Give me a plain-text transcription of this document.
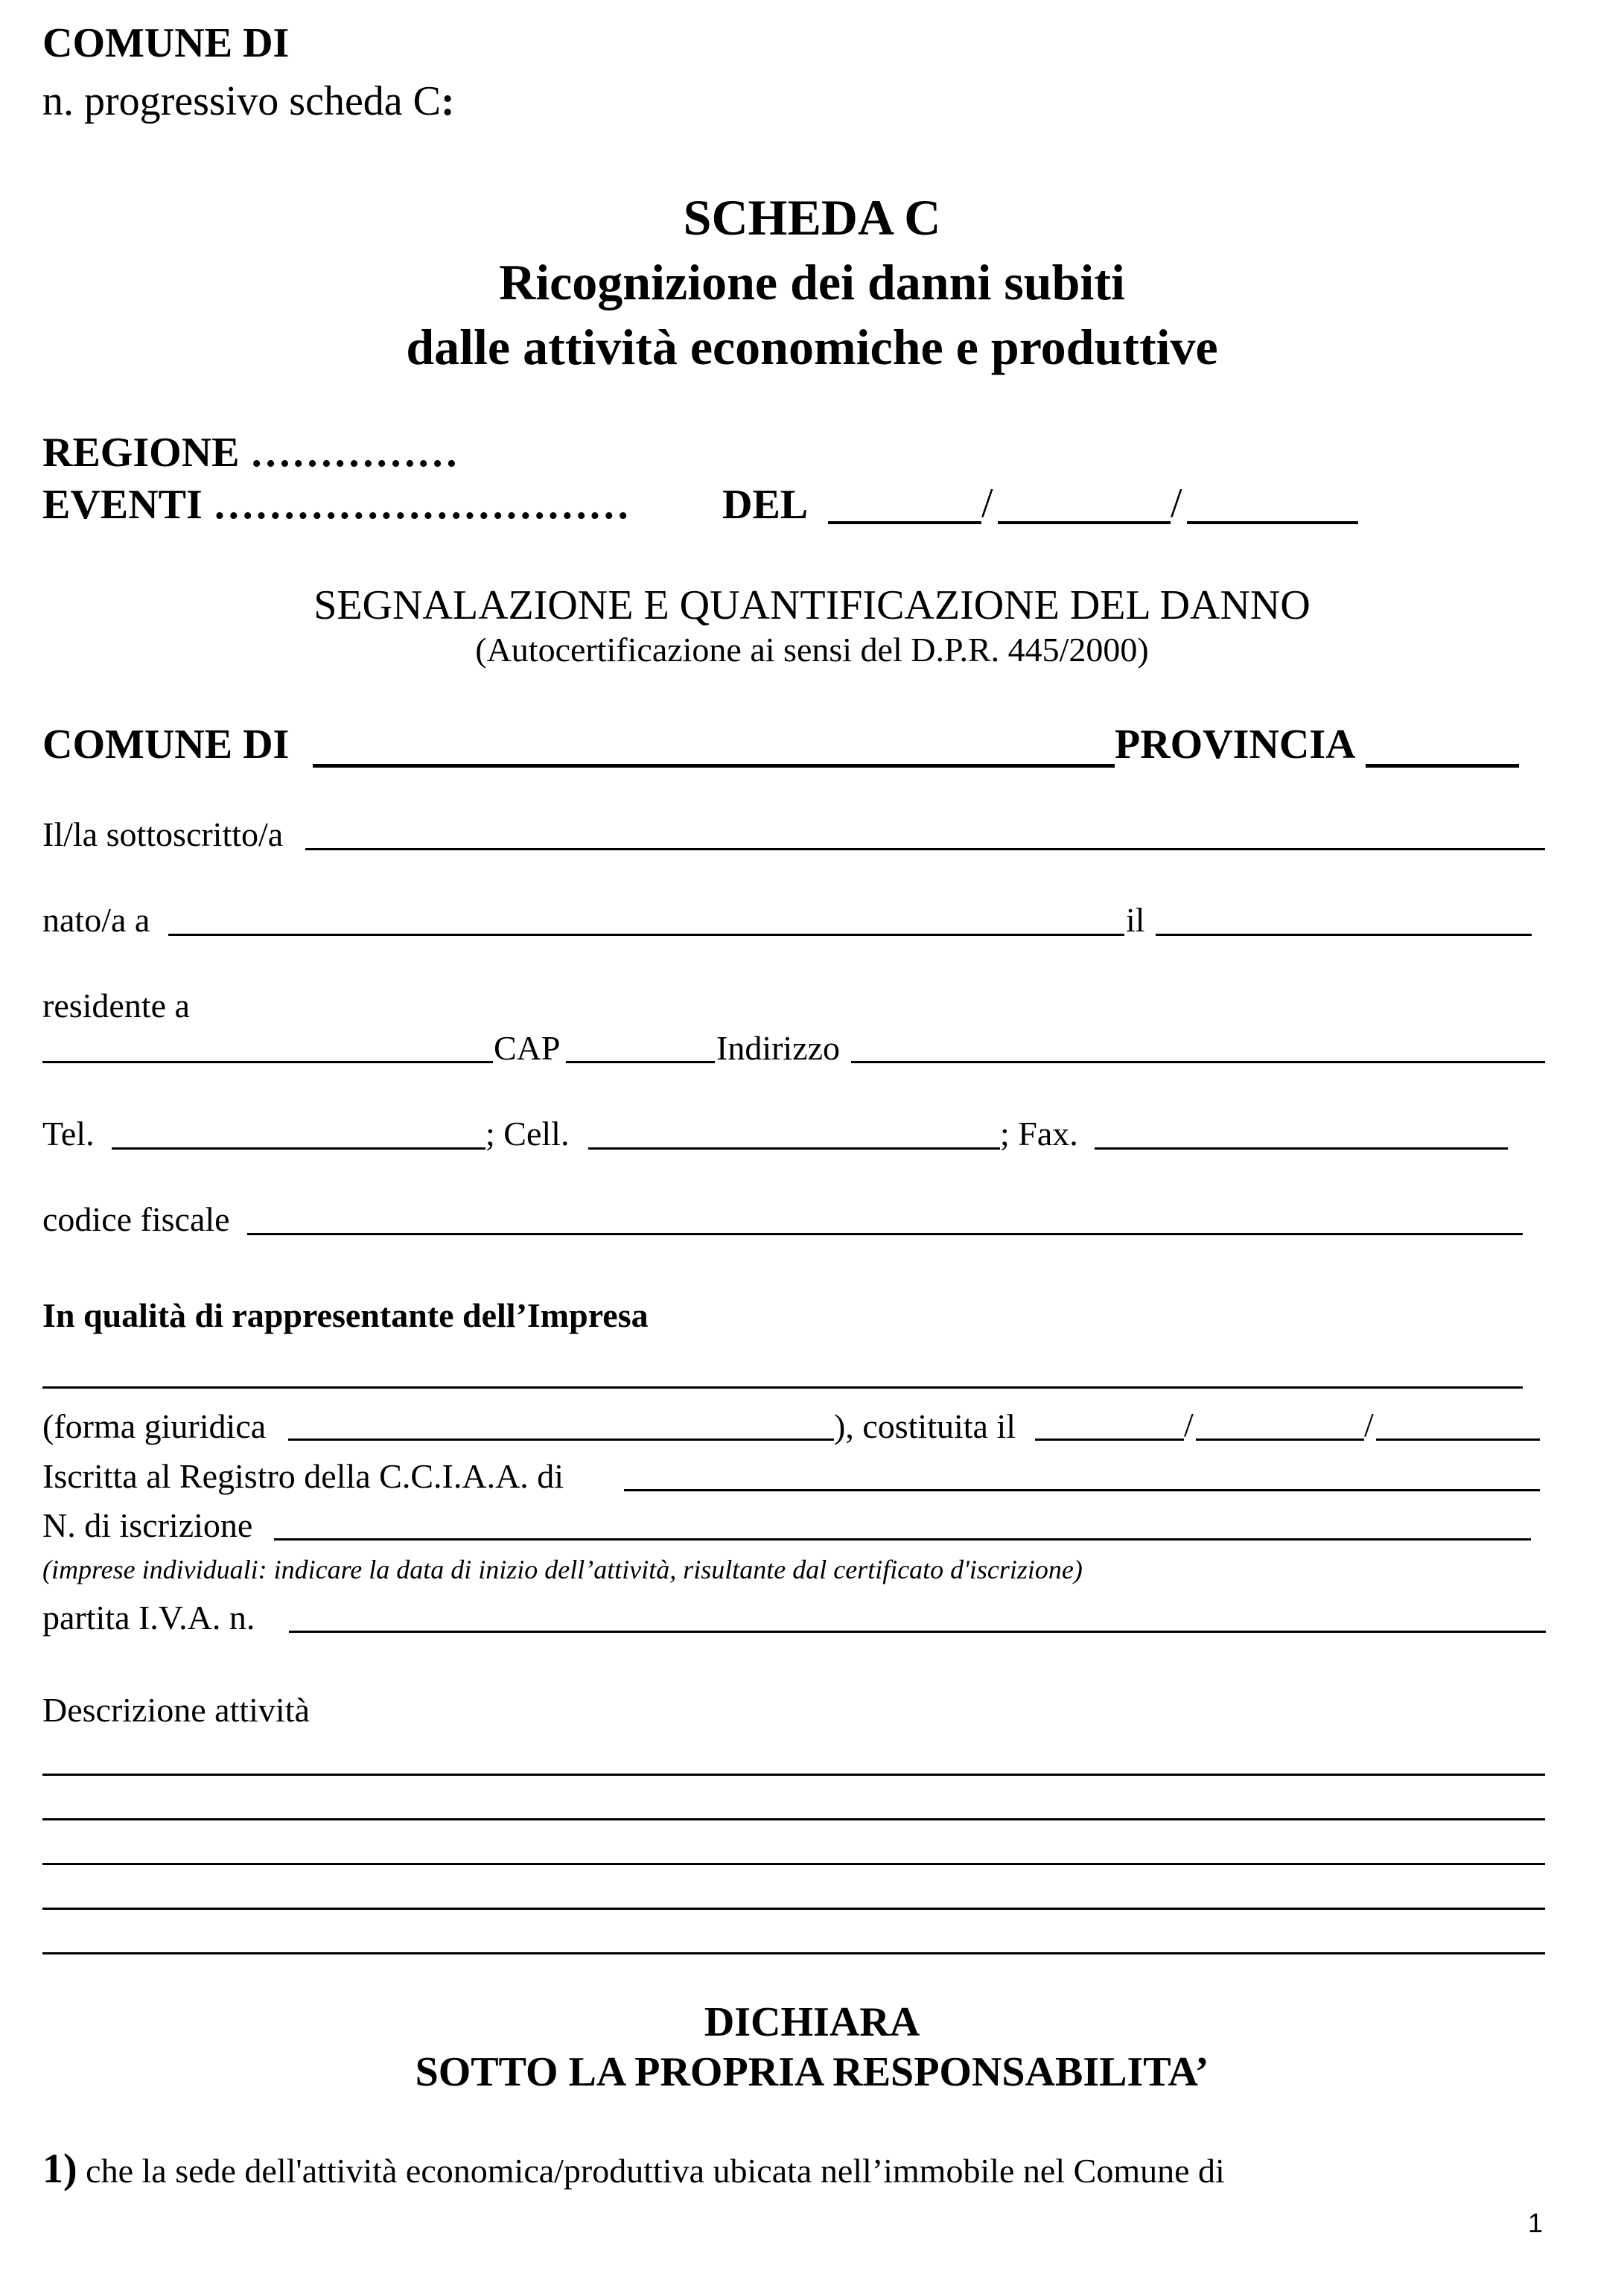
COMUNE DI
n. progressivo scheda C:
SCHEDA C
Ricognizione dei danni subiti
dalle attività economiche e produttive
REGIONE ……………
EVENTI ………………………… DEL	/	/
SEGNALAZIONE E QUANTIFICAZIONE DEL DANNO
(Autocertificazione ai sensi del D.P.R. 445/2000)
COMUNE DI	PROVINCIA
Il/la sottoscritto/a
nato/a a	il
residente a
CAP	Indirizzo
Tel.	; Cell.	; Fax.
codice fiscale
In qualità di rappresentante dell’Impresa
(forma giuridica	), costituita il	/	/
Iscritta al Registro della C.C.I.A.A. di
N. di iscrizione
(imprese individuali: indicare la data di inizio dell’attività, risultante dal certificato d'iscrizione)
partita I.V.A. n.
Descrizione attività
DICHIARA
SOTTO LA PROPRIA RESPONSABILITA’
1) che la sede dell'attività economica/produttiva ubicata nell’immobile nel Comune di
1
